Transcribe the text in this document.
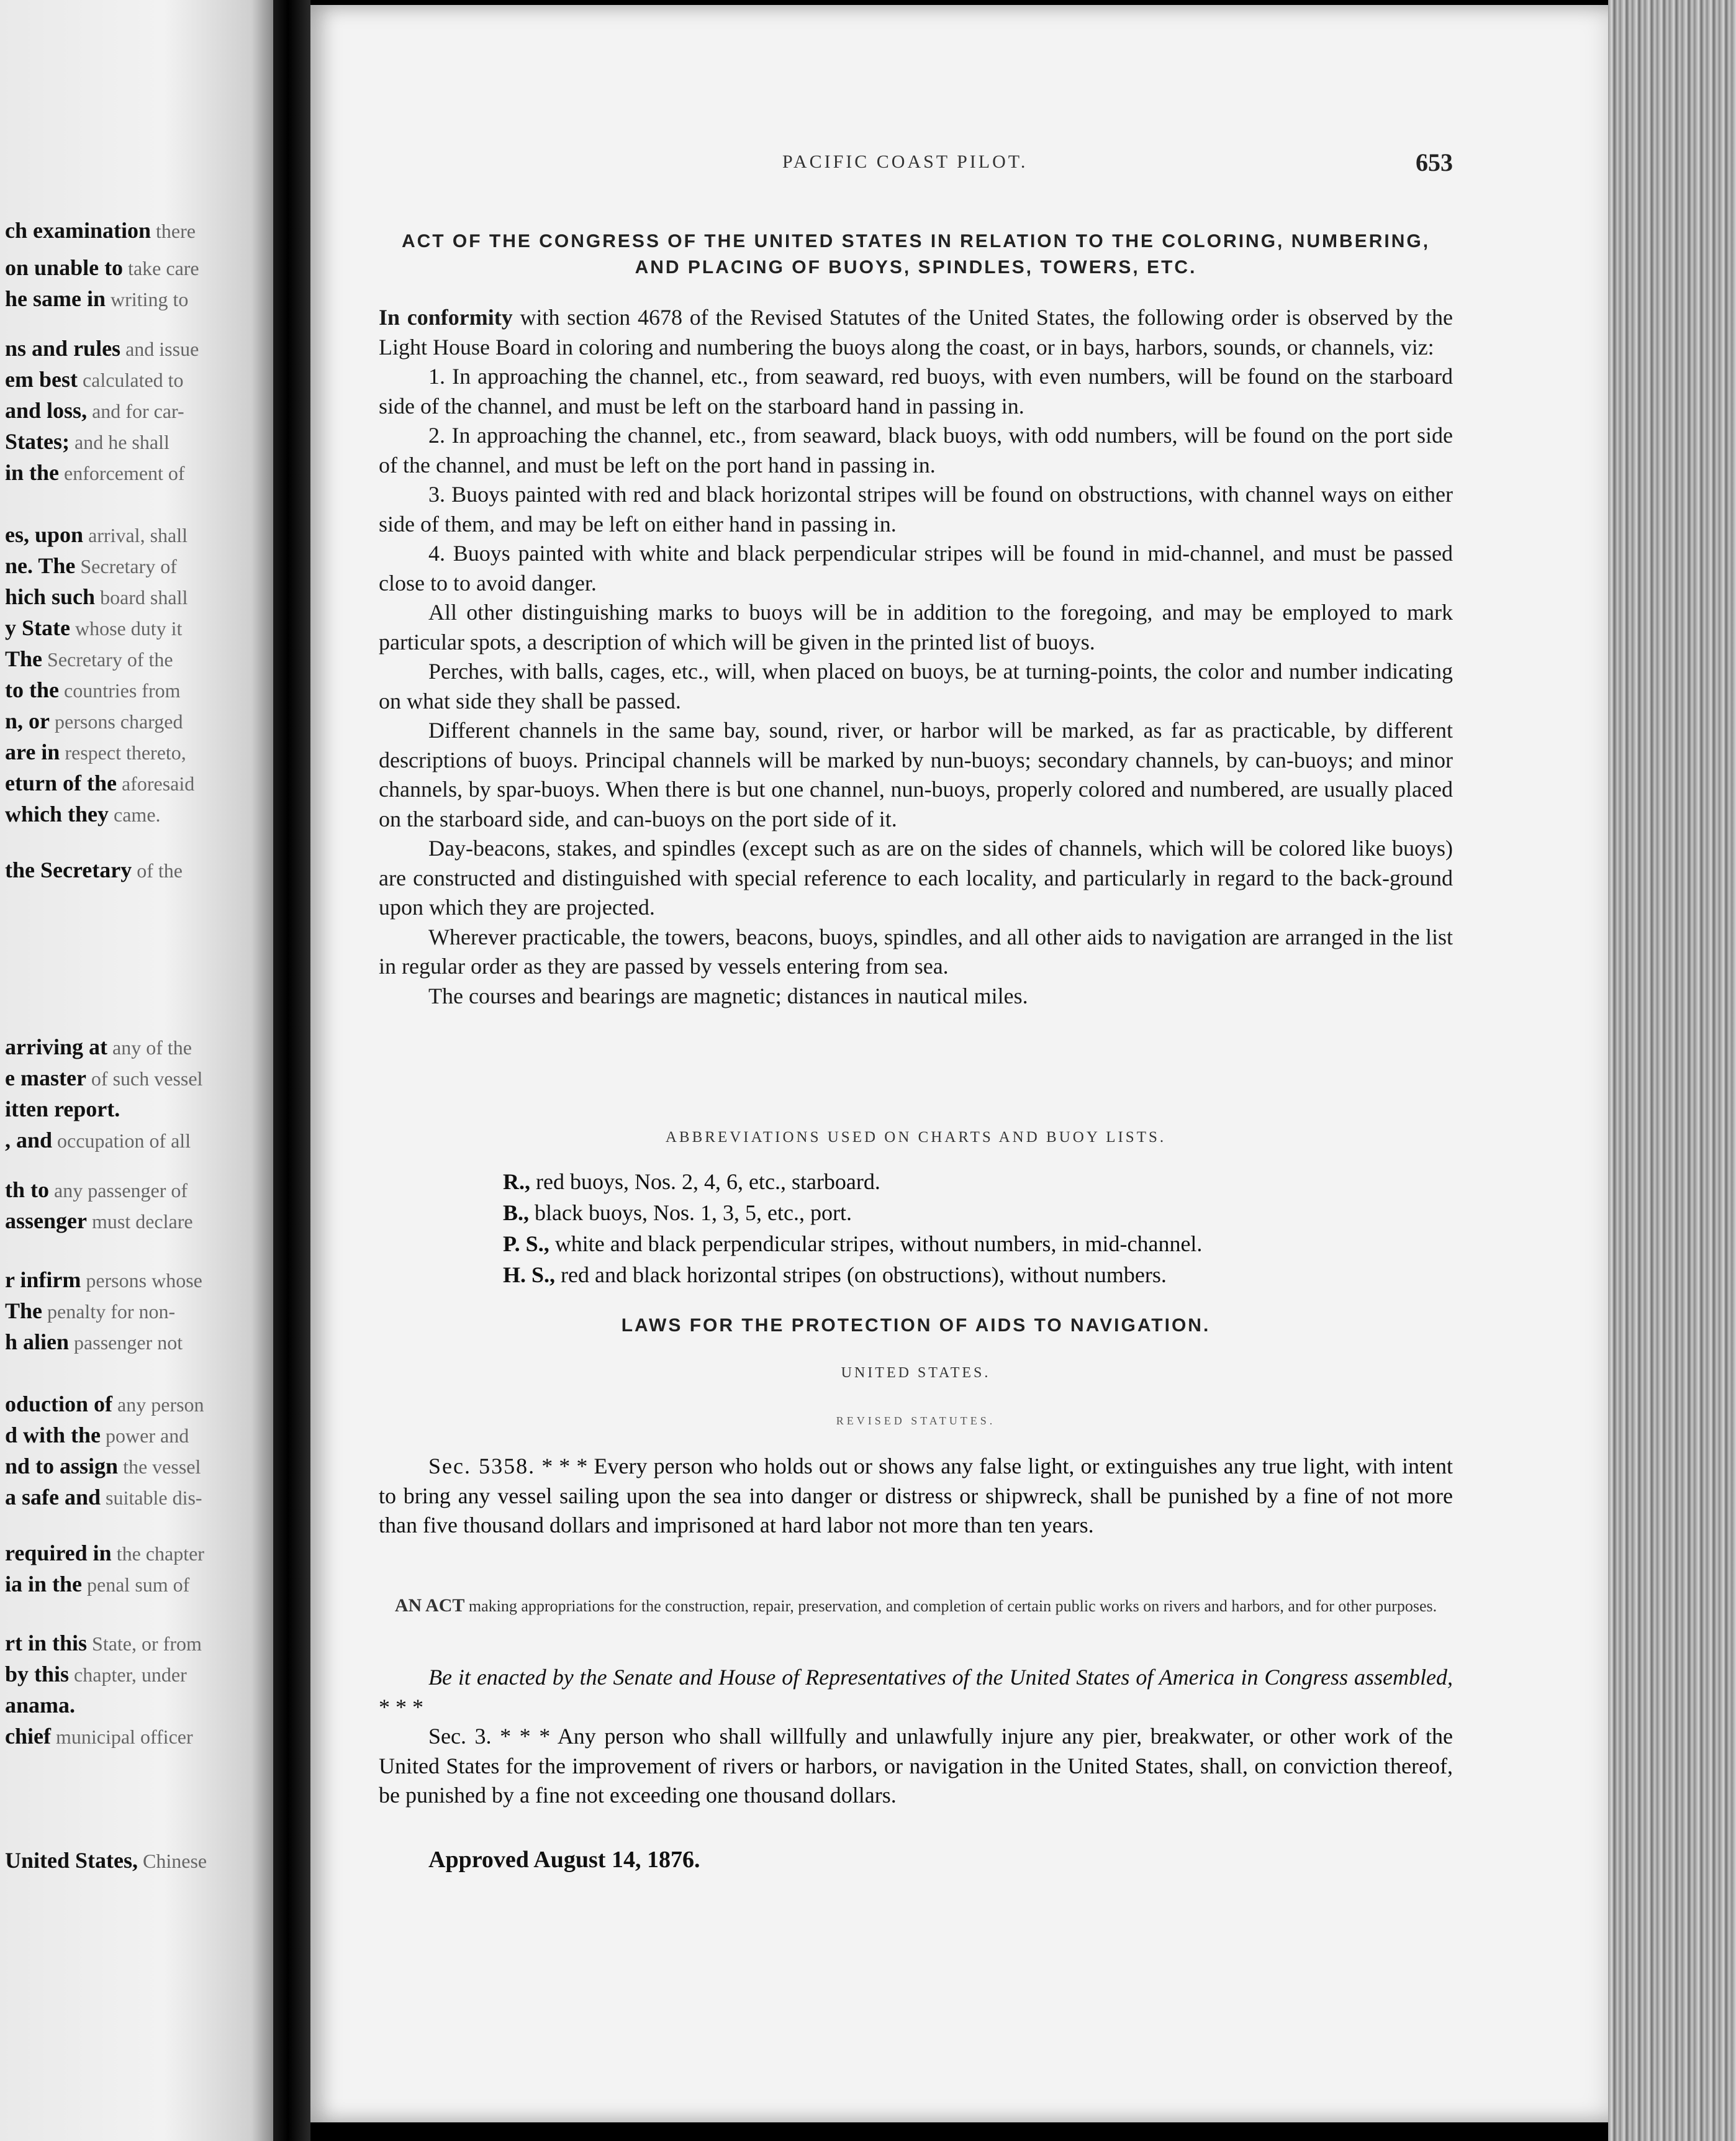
ch examination there
on unable to take care
he same in writing to
ns and rules and issue
em best calculated to
and loss, and for car-
States; and he shall
in the enforcement of
es, upon arrival, shall
ne. The Secretary of
hich such board shall
y State whose duty it
The Secretary of the
to the countries from
n, or persons charged
are in respect thereto,
eturn of the aforesaid
which they came.
the Secretary of the
arriving at any of the
e master of such vessel
itten report.
, and occupation of all
th to any passenger of
assenger must declare
r infirm persons whose
The penalty for non-
h alien passenger not
oduction of any person
d with the power and
nd to assign the vessel
a safe and suitable dis-
required in the chapter
ia in the penal sum of
rt in this State, or from
by this chapter, under
anama.
chief municipal officer
United States, Chinese
PACIFIC COAST PILOT.	653
ACT OF THE CONGRESS OF THE UNITED STATES IN RELATION TO THE COLORING, NUMBERING, AND PLACING OF BUOYS, SPINDLES, TOWERS, ETC.

In conformity with section 4678 of the Revised Statutes of the United States, the following order is observed by the Light House Board in coloring and numbering the buoys along the coast, or in bays, harbors, sounds, or channels, viz:

1. In approaching the channel, etc., from seaward, red buoys, with even numbers, will be found on the starboard side of the channel, and must be left on the starboard hand in passing in.

2. In approaching the channel, etc., from seaward, black buoys, with odd numbers, will be found on the port side of the channel, and must be left on the port hand in passing in.

3. Buoys painted with red and black horizontal stripes will be found on obstructions, with channel ways on either side of them, and may be left on either hand in passing in.

4. Buoys painted with white and black perpendicular stripes will be found in mid-channel, and must be passed close to to avoid danger.

All other distinguishing marks to buoys will be in addition to the foregoing, and may be employed to mark particular spots, a description of which will be given in the printed list of buoys.

Perches, with balls, cages, etc., will, when placed on buoys, be at turning-points, the color and number indicating on what side they shall be passed.

Different channels in the same bay, sound, river, or harbor will be marked, as far as practicable, by different descriptions of buoys. Principal channels will be marked by nun-buoys; secondary channels, by can-buoys; and minor channels, by spar-buoys. When there is but one channel, nun-buoys, properly colored and numbered, are usually placed on the starboard side, and can-buoys on the port side of it.

Day-beacons, stakes, and spindles (except such as are on the sides of channels, which will be colored like buoys) are constructed and distinguished with special reference to each locality, and particularly in regard to the back-ground upon which they are projected.

Wherever practicable, the towers, beacons, buoys, spindles, and all other aids to navigation are arranged in the list in regular order as they are passed by vessels entering from sea.

The courses and bearings are magnetic; distances in nautical miles.

ABBREVIATIONS USED ON CHARTS AND BUOY LISTS.
R., red buoys, Nos. 2, 4, 6, etc., starboard.
B., black buoys, Nos. 1, 3, 5, etc., port.
P. S., white and black perpendicular stripes, without numbers, in mid-channel.
H. S., red and black horizontal stripes (on obstructions), without numbers.
LAWS FOR THE PROTECTION OF AIDS TO NAVIGATION.
UNITED STATES.
REVISED STATUTES.

Sec. 5358. * * * Every person who holds out or shows any false light, or extinguishes any true light, with intent to bring any vessel sailing upon the sea into danger or distress or shipwreck, shall be punished by a fine of not more than five thousand dollars and imprisoned at hard labor not more than ten years.

AN ACT making appropriations for the construction, repair, preservation, and completion of certain public works on rivers and harbors, and for other purposes.

Be it enacted by the Senate and House of Representatives of the United States of America in Congress assembled, * * *

Sec. 3. * * * Any person who shall willfully and unlawfully injure any pier, breakwater, or other work of the United States for the improvement of rivers or harbors, or navigation in the United States, shall, on conviction thereof, be punished by a fine not exceeding one thousand dollars.

Approved August 14, 1876.
